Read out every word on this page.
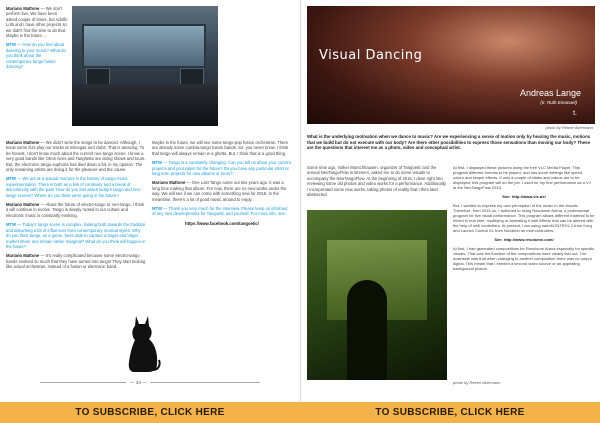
Mariano Mattone — We don't perform live. We have been asked couple of times, but Adolfo Lotti and I have other projects so we didn't find the time to do that. Maybe in the future…

MTW — How do you feel about dancing to your music? What do you think about the contemporary tango fusion dancing?

Mariano Mattone — We didn't write the songs to be danced. Although, I know some DJs play our tracks at milongas and clubs. That is amazing. To be honest, I don't know much about the current neo-tango scene. I know a very good bands like Otros Aires and Tanghetto are doing shows and tours. But, the electronic tango euphoria has died down a bit, in my opinion. The only remaining artists are doing it for the pleasure and the cause.

MTW — We are at a special moment in the history of tango music experimentation. There is both as a link of continuity and a break of discontinuity with the past. How do you feel about today's tango and neo-tango scenes? Where do you think we're going in the future?

Mariano Mattone — About the future of electro-tango or neo-tango, I think it will continue to evolve. Tango is deeply rooted in our culture and electronic music is constantly evolving.

MTW — Today's tango scene is complex, looking both towards the tradition and absorbing a lot of influences from contemporary musical styles. Why do you think tango, as a genre, been able to capture a larger and larger market share and remain rather marginal? What do you think will happen in the future?

Mariano Mattone — It's really complicated because some electro-tango bands evolved so much that they have turned into tango! They start looking like actual orchestras, instead of a fusion or electronic band.

Maybe in the future, we will see some tango-pop fusion orchestras. There are already some cumbia-tango fusion bands. So, you never know. I think that tango will always remain in a ghetto. But, I think that is a good thing.

MTW — Tango is a constantly changing. Can you tell us about your current projects and your plans for the future? Do you have any particular short or long term projects for new albums or tours?

Mariano Mattone — One Last Tango came out two years ago. It was a long time making that album. For now, there are no new works under the way. We will see if we can come with something new for 2018. In the meantime, there's a lot of good music around to enjoy.

MTW — Thank you very much for the interview. Please keep us informed of any new developments for Tangoetic and yourself. For more info, see:

https://www.facebook.com/tangoetic/

— 34 —
Visual Dancing
Andreas Lange
(tr. Ruth Emanuel)
t.
photo by Reiner Akermann
What is the underlying motivation when we dance to music? Are we experiencing a sense of motion only by hearing the music, motions that we build but do not execute with our body? Are there other possibilities to express those sensations than moving our body? These are the questions that interest me as a photo, video and conceptual artist.

Some time ago, Volker Marschhausen, organizer of Tangoetic and the annual NeoTangoFlow in Bremen, asked me to do some visuals to accompany the NeoTangoFlow. At the beginning of 2015, I dove right into reviewing some old photos and video works for a performance. Additionally, I incorporated some new works, taking photos of reality that I then later abstracted.

At first, I displayed these pictures using the free VLC Media Player. This program different formats to be played, and has some settings like speed, colour and simple effects. If only a couple of slides and videos are to be displayed, this program will do the job. I used for my first performance as a VJ at the NeoTangoFlow 2015.

See: http://www.vlc.de/

But, I wanted to express my own perception of the music in the visuals. Therefore, from 2015 on, I switched to using Resolume Arena, a professional program for live visual performance. This program allows different material to be mixed in real time, modifying or animating it with effects that can be altered with the help of midi controllers. At present, I am using nanoKONTROL 2 from Korg and Launch Control XL from Novation as midi controllers.

See: http://www.resolume.com/

At first, I had generated compositions for Resolume Arena especially for specific visuals. That was the function of the compositions were clearly laid out. The downside was that when changing to another composition there was no output signal. This meant that I needed a second video source or an appealing background picture.

photo by Reiner Akermann
TO SUBSCRIBE, CLICK HERE	TO SUBSCRIBE, CLICK HERE
